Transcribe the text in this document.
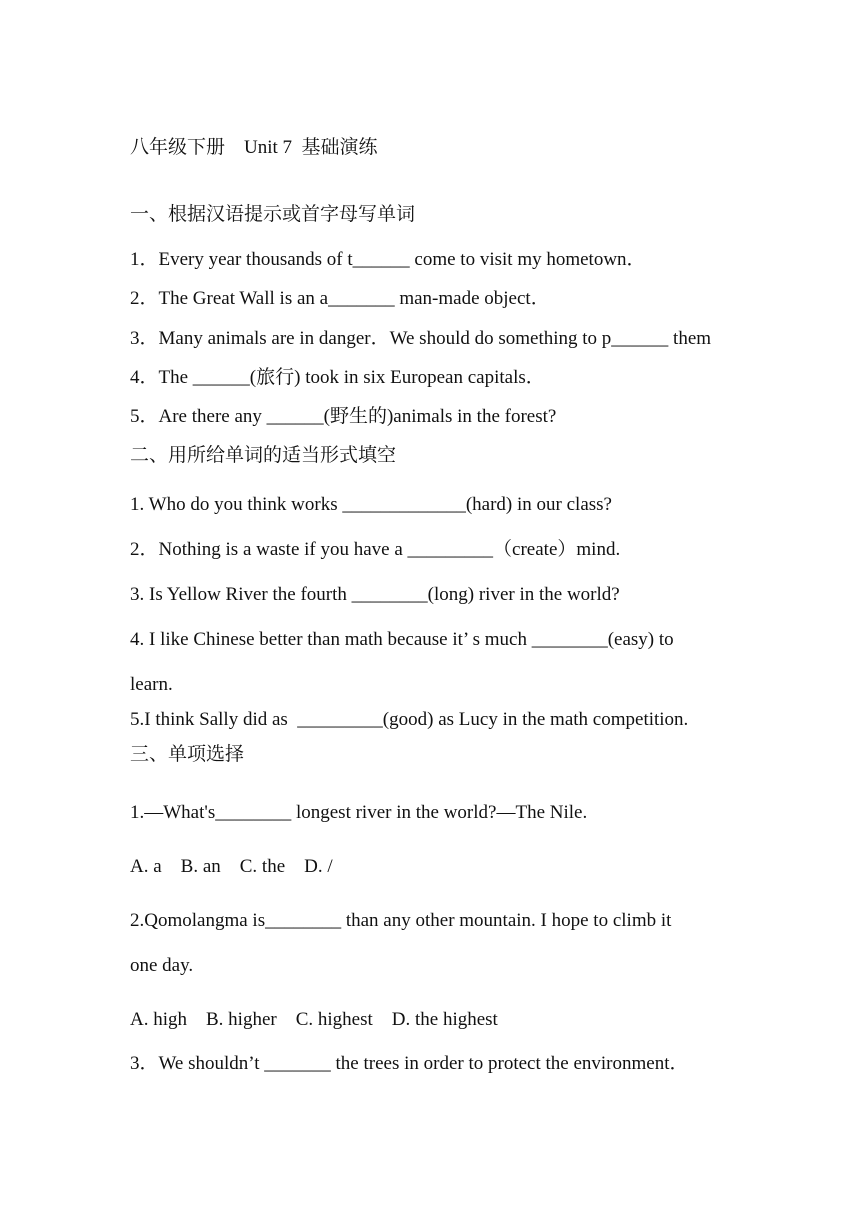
八年级下册    Unit 7  基础演练
一、根据汉语提示或首字母写单词
1．Every year thousands of t______ come to visit my hometown．
2．The Great Wall is an a_______ man-made object．
3．Many animals are in danger．We should do something to p______ them
4．The ______(旅行) took in six European capitals．
5．Are there any ______(野生的)animals in the forest?
二、用所给单词的适当形式填空
1. Who do you think works _____________(hard) in our class?
2．Nothing is a waste if you have a _________（create）mind.
3. Is Yellow River the fourth ________(long) river in the world?
4. I like Chinese better than math because it’ s much ________(easy) to
learn.
5.I think Sally did as  _________(good) as Lucy in the math competition.
三、单项选择
1.—What's________ longest river in the world?—The Nile.
A. a    B. an    C. the    D. /
2.Qomolangma is________ than any other mountain. I hope to climb it
one day.
A. high    B. higher    C. highest    D. the highest
3．We shouldn’t _______ the trees in order to protect the environment．
